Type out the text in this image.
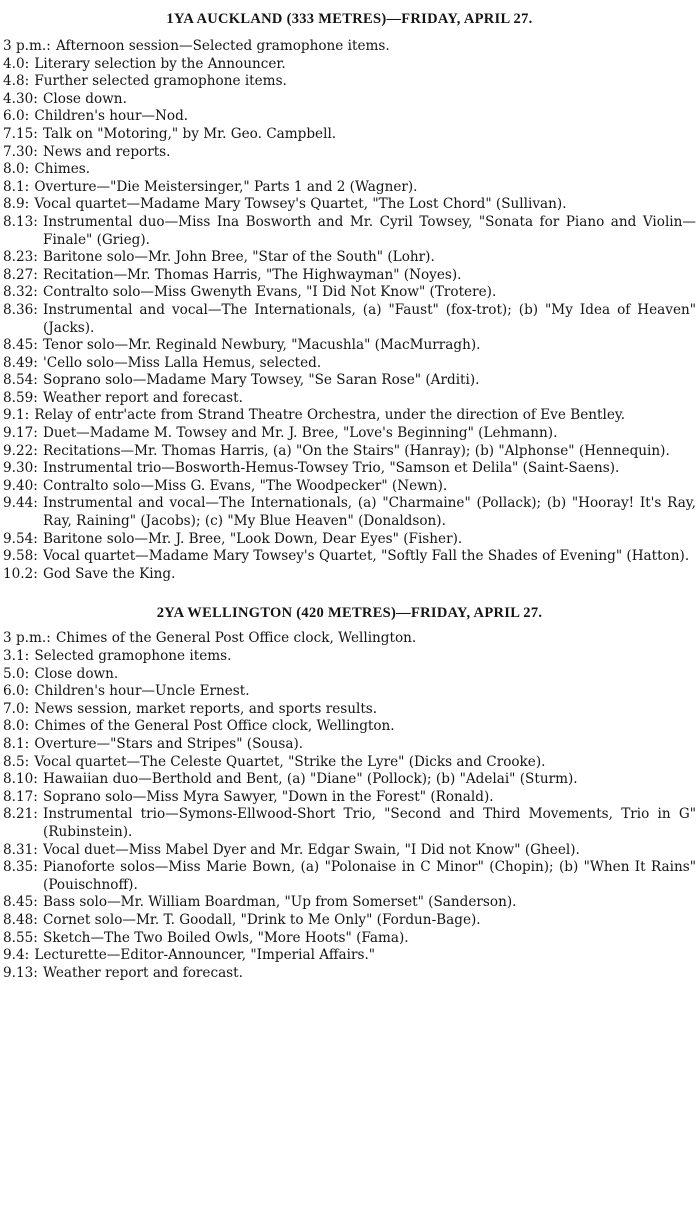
1YA AUCKLAND (333 METRES)—FRIDAY, APRIL 27.
3 p.m.: Afternoon session—Selected gramophone items.
4.0: Literary selection by the Announcer.
4.8: Further selected gramophone items.
4.30: Close down.
6.0: Children's hour—Nod.
7.15: Talk on "Motoring," by Mr. Geo. Campbell.
7.30: News and reports.
8.0: Chimes.
8.1: Overture—"Die Meistersinger," Parts 1 and 2 (Wagner).
8.9: Vocal quartet—Madame Mary Towsey's Quartet, "The Lost Chord" (Sullivan).
8.13: Instrumental duo—Miss Ina Bosworth and Mr. Cyril Towsey, "Sonata for Piano and Violin—Finale" (Grieg).
8.23: Baritone solo—Mr. John Bree, "Star of the South" (Lohr).
8.27: Recitation—Mr. Thomas Harris, "The Highwayman" (Noyes).
8.32: Contralto solo—Miss Gwenyth Evans, "I Did Not Know" (Trotere).
8.36: Instrumental and vocal—The Internationals, (a) "Faust" (fox-trot); (b) "My Idea of Heaven" (Jacks).
8.45: Tenor solo—Mr. Reginald Newbury, "Macushla" (MacMurragh).
8.49: 'Cello solo—Miss Lalla Hemus, selected.
8.54: Soprano solo—Madame Mary Towsey, "Se Saran Rose" (Arditi).
8.59: Weather report and forecast.
9.1: Relay of entr'acte from Strand Theatre Orchestra, under the direction of Eve Bentley.
9.17: Duet—Madame M. Towsey and Mr. J. Bree, "Love's Beginning" (Lehmann).
9.22: Recitations—Mr. Thomas Harris, (a) "On the Stairs" (Hanray); (b) "Alphonse" (Hennequin).
9.30: Instrumental trio—Bosworth-Hemus-Towsey Trio, "Samson et Delila" (Saint-Saens).
9.40: Contralto solo—Miss G. Evans, "The Woodpecker" (Newn).
9.44: Instrumental and vocal—The Internationals, (a) "Charmaine" (Pollack); (b) "Hooray! It's Ray, Ray, Raining" (Jacobs); (c) "My Blue Heaven" (Donaldson).
9.54: Baritone solo—Mr. J. Bree, "Look Down, Dear Eyes" (Fisher).
9.58: Vocal quartet—Madame Mary Towsey's Quartet, "Softly Fall the Shades of Evening" (Hatton).
10.2: God Save the King.
2YA WELLINGTON (420 METRES)—FRIDAY, APRIL 27.
3 p.m.: Chimes of the General Post Office clock, Wellington.
3.1: Selected gramophone items.
5.0: Close down.
6.0: Children's hour—Uncle Ernest.
7.0: News session, market reports, and sports results.
8.0: Chimes of the General Post Office clock, Wellington.
8.1: Overture—"Stars and Stripes" (Sousa).
8.5: Vocal quartet—The Celeste Quartet, "Strike the Lyre" (Dicks and Crooke).
8.10: Hawaiian duo—Berthold and Bent, (a) "Diane" (Pollock); (b) "Adelai" (Sturm).
8.17: Soprano solo—Miss Myra Sawyer, "Down in the Forest" (Ronald).
8.21: Instrumental trio—Symons-Ellwood-Short Trio, "Second and Third Movements, Trio in G" (Rubinstein).
8.31: Vocal duet—Miss Mabel Dyer and Mr. Edgar Swain, "I Did not Know" (Gheel).
8.35: Pianoforte solos—Miss Marie Bown, (a) "Polonaise in C Minor" (Chopin); (b) "When It Rains" (Pouischnoff).
8.45: Bass solo—Mr. William Boardman, "Up from Somerset" (Sanderson).
8.48: Cornet solo—Mr. T. Goodall, "Drink to Me Only" (Fordun-Bage).
8.55: Sketch—The Two Boiled Owls, "More Hoots" (Fama).
9.4: Lecturette—Editor-Announcer, "Imperial Affairs."
9.13: Weather report and forecast.
